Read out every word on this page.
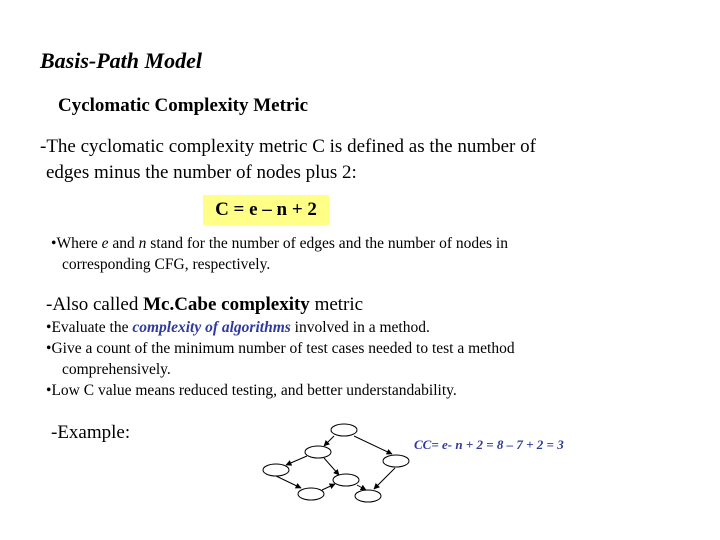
Basis-Path Model
Cyclomatic Complexity Metric
-The cyclomatic complexity metric C is defined as the number of
edges minus the number of nodes plus 2:
C = e – n + 2
•Where e and n stand for the number of edges and the number of nodes in
corresponding CFG, respectively.
-Also called Mc.Cabe complexity metric
•Evaluate the complexity of algorithms involved in a method.
•Give a count of the minimum number of test cases needed to test a method
comprehensively.
•Low C value means reduced testing, and better understandability.
-Example:
CC= e- n + 2 = 8 – 7 + 2 = 3
